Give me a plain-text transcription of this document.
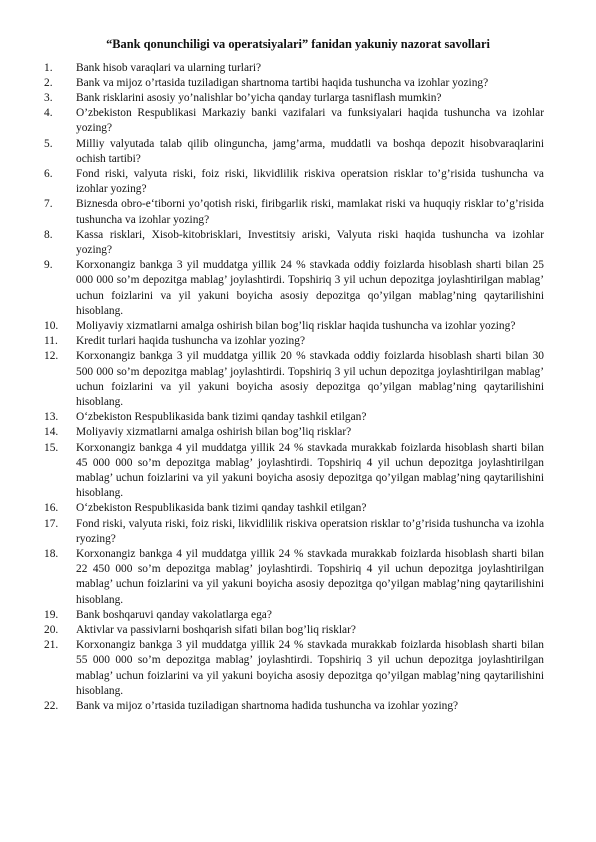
“Bank qonunchiligi va operatsiyalari” fanidan yakuniy nazorat savollari
1. Bank hisob varaqlari va ularning turlari?
2. Bank va mijoz o’rtasida tuziladigan shartnoma tartibi haqida tushuncha va izohlar yozing?
3. Bank risklarini asosiy yo’nalishlar bo’yicha qanday turlarga tasniflash mumkin?
4. O’zbekiston Respublikasi Markaziy banki vazifalari va funksiyalari haqida tushuncha va izohlar yozing?
5. Milliy valyutada talab qilib olinguncha, jamg’arma, muddatli va boshqa depozit hisobvaraqlarini ochish tartibi?
6. Fond riski, valyuta riski, foiz riski, likvidlilik riskiva operatsion risklar to’g’risida tushuncha va izohlar yozing?
7. Biznesda obro-e‘tiborni yo’qotish riski, firibgarlik riski, mamlakat riski va huquqiy risklar to’g’risida tushuncha va izohlar yozing?
8. Kassa risklari, Xisob-kitobrisklari, Investitsiy ariski, Valyuta riski haqida tushuncha va izohlar yozing?
9. Korxonangiz bankga 3 yil muddatga yillik 24 % stavkada oddiy foizlarda hisoblash sharti bilan 25 000 000 so’m depozitga mablag’ joylashtirdi. Topshiriq 3 yil uchun depozitga joylashtirilgan mablag’ uchun foizlarini va yil yakuni boyicha asosiy depozitga qo’yilgan mablag’ning qaytarilishini hisoblang.
10. Moliyaviy xizmatlarni amalga oshirish bilan bog’liq risklar haqida tushuncha va izohlar yozing?
11. Kredit turlari haqida tushuncha va izohlar yozing?
12. Korxonangiz bankga 3 yil muddatga yillik 20 % stavkada oddiy foizlarda hisoblash sharti bilan 30 500 000 so’m depozitga mablag’ joylashtirdi. Topshiriq 3 yil uchun depozitga joylashtirilgan mablag’ uchun foizlarini va yil yakuni boyicha asosiy depozitga qo’yilgan mablag’ning qaytarilishini hisoblang.
13. O‘zbekiston Respublikasida bank tizimi qanday tashkil etilgan?
14. Moliyaviy xizmatlarni amalga oshirish bilan bog’liq risklar?
15. Korxonangiz bankga 4 yil muddatga yillik 24 % stavkada murakkab foizlarda hisoblash sharti bilan 45 000 000 so’m depozitga mablag’ joylashtirdi. Topshiriq 4 yil uchun depozitga joylashtirilgan mablag’ uchun foizlarini va yil yakuni boyicha asosiy depozitga qo’yilgan mablag’ning qaytarilishini hisoblang.
16. O‘zbekiston Respublikasida bank tizimi qanday tashkil etilgan?
17. Fond riski, valyuta riski, foiz riski, likvidlilik riskiva operatsion risklar to’g’risida tushuncha va izohla ryozing?
18. Korxonangiz bankga 4 yil muddatga yillik 24 % stavkada murakkab foizlarda hisoblash sharti bilan 22 450 000 so’m depozitga mablag’ joylashtirdi. Topshiriq 4 yil uchun depozitga joylashtirilgan mablag’ uchun foizlarini va yil yakuni boyicha asosiy depozitga qo’yilgan mablag’ning qaytarilishini hisoblang.
19. Bank boshqaruvi qanday vakolatlarga ega?
20. Aktivlar va passivlarni boshqarish sifati bilan bog’liq risklar?
21. Korxonangiz bankga 3 yil muddatga yillik 24 % stavkada murakkab foizlarda hisoblash sharti bilan 55 000 000 so’m depozitga mablag’ joylashtirdi. Topshiriq 3 yil uchun depozitga joylashtirilgan mablag’ uchun foizlarini va yil yakuni boyicha asosiy depozitga qo’yilgan mablag’ning qaytarilishini hisoblang.
22. Bank va mijoz o’rtasida tuziladigan shartnoma hadida tushuncha va izohlar yozing?
